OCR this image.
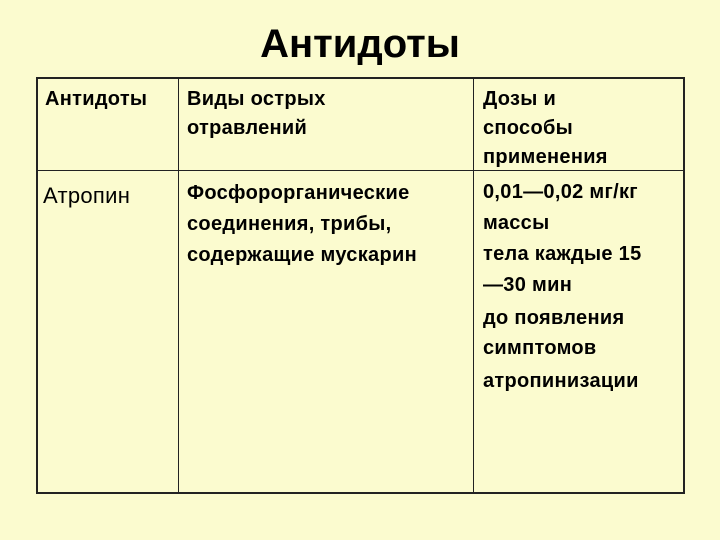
Антидоты
Антидоты Виды острых
отравлений
Дозы и
способы
применения
Атропин	Фосфорорганические
соединения, трибы,
содержащие мускарин
0,01—0,02 мг/кг
массы
тела каждые 15
—30 мин
до появления
симптомов
атропинизации
